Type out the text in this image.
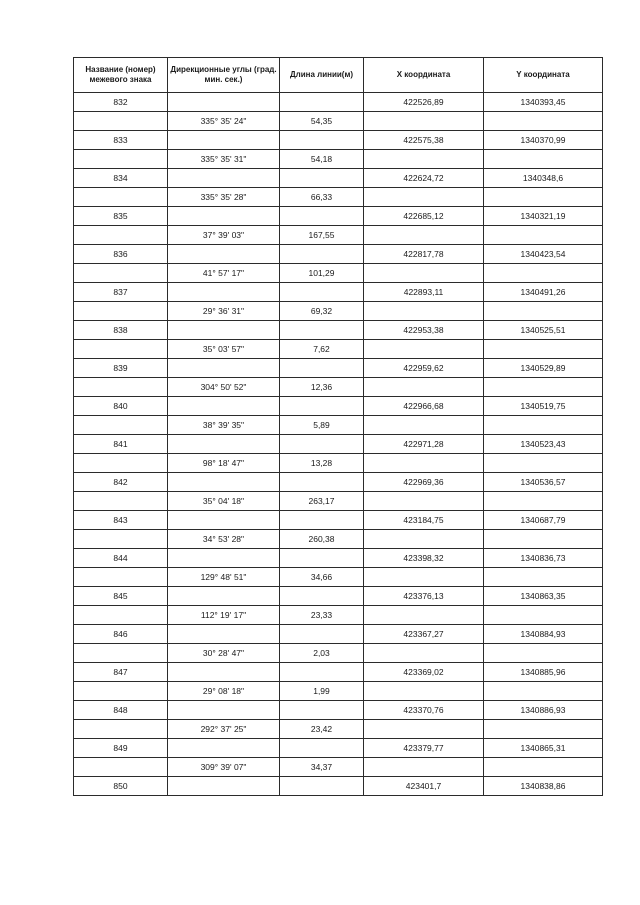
Название (номер) межевого знака	Дирекционные углы (град. мин. сек.)	Длина линии(м)	X координата	Y координата
832			422526,89	1340393,45
	335° 35' 24"	54,35		
833			422575,38	1340370,99
	335° 35' 31"	54,18		
834			422624,72	1340348,6
	335° 35' 28"	66,33		
835			422685,12	1340321,19
	37° 39' 03"	167,55		
836			422817,78	1340423,54
	41° 57' 17"	101,29		
837			422893,11	1340491,26
	29° 36' 31"	69,32		
838			422953,38	1340525,51
	35° 03' 57"	7,62		
839			422959,62	1340529,89
	304° 50' 52"	12,36		
840			422966,68	1340519,75
	38° 39' 35"	5,89		
841			422971,28	1340523,43
	98° 18' 47"	13,28		
842			422969,36	1340536,57
	35° 04' 18"	263,17		
843			423184,75	1340687,79
	34° 53' 28"	260,38		
844			423398,32	1340836,73
	129° 48' 51"	34,66		
845			423376,13	1340863,35
	112° 19' 17"	23,33		
846			423367,27	1340884,93
	30° 28' 47"	2,03		
847			423369,02	1340885,96
	29° 08' 18"	1,99		
848			423370,76	1340886,93
	292° 37' 25"	23,42		
849			423379,77	1340865,31
	309° 39' 07"	34,37		
850			423401,7	1340838,86
